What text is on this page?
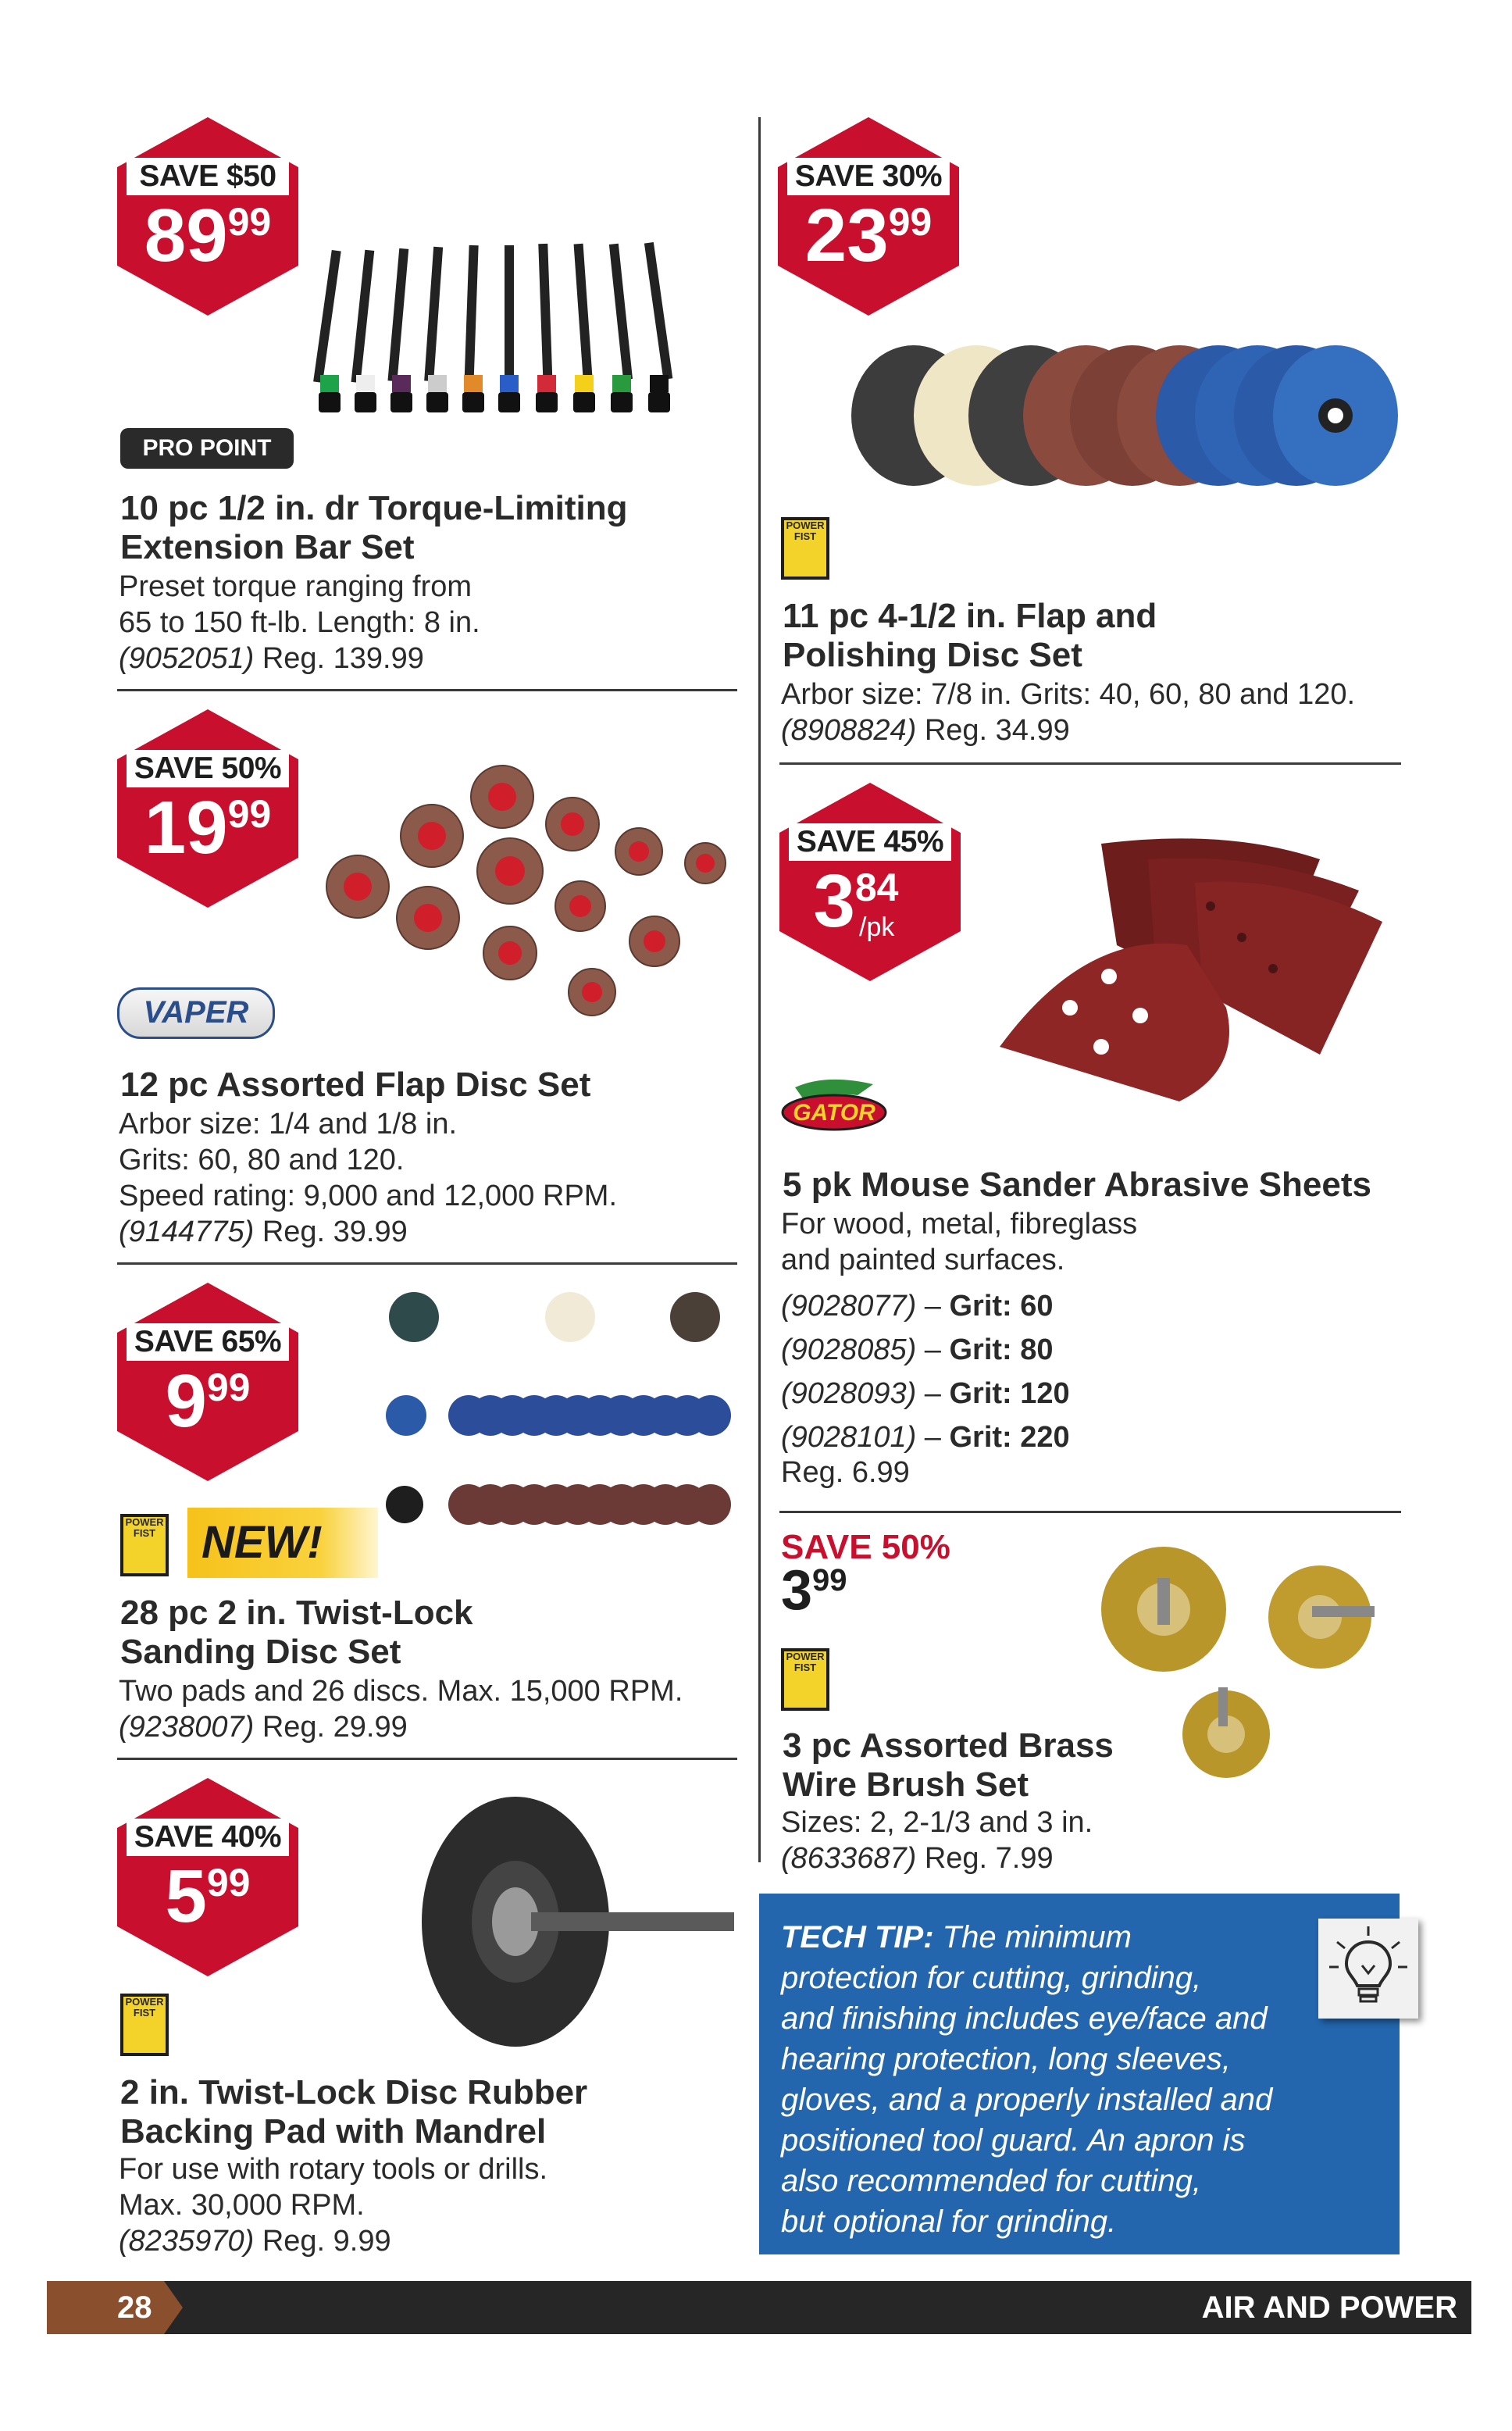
SAVE $50
8999
PRO POINT
10 pc 1/2 in. dr Torque-Limiting
Extension Bar Set
Preset torque ranging from
65 to 150 ft-lb. Length: 8 in.
(9052051) Reg. 139.99
SAVE 50%
1999
VAPER
12 pc Assorted Flap Disc Set
Arbor size: 1/4 and 1/8 in.
Grits: 60, 80 and 120.
Speed rating: 9,000 and 12,000 RPM.
(9144775) Reg. 39.99
SAVE 65%
999
POWER
FIST	NEW!
28 pc 2 in. Twist-Lock
Sanding Disc Set
Two pads and 26 discs. Max. 15,000 RPM.
(9238007) Reg. 29.99
SAVE 40%
599
POWER
FIST
2 in. Twist-Lock Disc Rubber
Backing Pad with Mandrel
For use with rotary tools or drills.
Max. 30,000 RPM.
(8235970) Reg. 9.99
SAVE 30%
2399
POWER
FIST
11 pc 4-1/2 in. Flap and
Polishing Disc Set
Arbor size: 7/8 in. Grits: 40, 60, 80 and 120.
(8908824) Reg. 34.99
SAVE 45%
384
/pk
GATOR
5 pk Mouse Sander Abrasive Sheets
For wood, metal, fibreglass
and painted surfaces.
(9028077) – Grit: 60
(9028085) – Grit: 80
(9028093) – Grit: 120
(9028101) – Grit: 220
Reg. 6.99
SAVE 50%
399
POWER
FIST
3 pc Assorted Brass
Wire Brush Set
Sizes: 2, 2-1/3 and 3 in.
(8633687) Reg. 7.99
TECH TIP: The minimum
protection for cutting, grinding,
and finishing includes eye/face and
hearing protection, long sleeves,
gloves, and a properly installed and
positioned tool guard. An apron is
also recommended for cutting,
but optional for grinding.
28	AIR AND POWER
